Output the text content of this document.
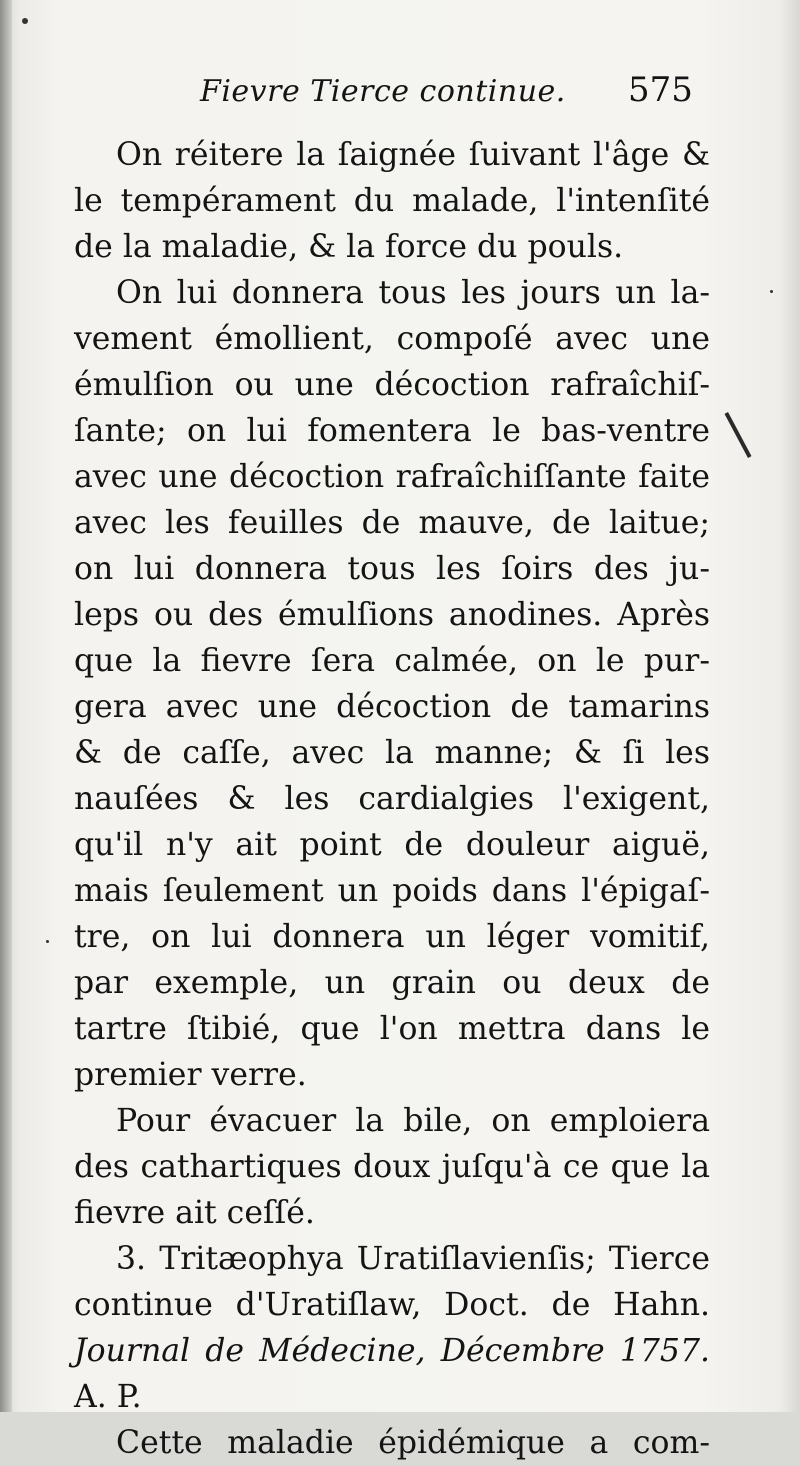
Fievre Tierce continue. 575
On réitere la ſaignée ſuivant l'âge &
le tempérament du malade, l'intenſité
de la maladie, & la force du pouls.
On lui donnera tous les jours un la-
vement émollient, compoſé avec une
émulſion ou une décoction rafraîchiſ-
ſante; on lui fomentera le bas-ventre
avec une décoction rafraîchiſſante faite
avec les feuilles de mauve, de laitue;
on lui donnera tous les ſoirs des ju-
leps ou des émulſions anodines. Après
que la fievre ſera calmée, on le pur-
gera avec une décoction de tamarins
& de caſſe, avec la manne; & ſi les
nauſées & les cardialgies l'exigent,
qu'il n'y ait point de douleur aiguë,
mais ſeulement un poids dans l'épigaſ-
tre, on lui donnera un léger vomitif,
par exemple, un grain ou deux de
tartre ſtibié, que l'on mettra dans le
premier verre.
Pour évacuer la bile, on emploiera
des cathartiques doux juſqu'à ce que la
fievre ait ceſſé.
3. Tritæophya Uratiſlavienſis; Tierce
continue d'Uratiſlaw, Doct. de Hahn.
Journal de Médecine, Décembre 1757.
A. P.
Cette maladie épidémique a com-
